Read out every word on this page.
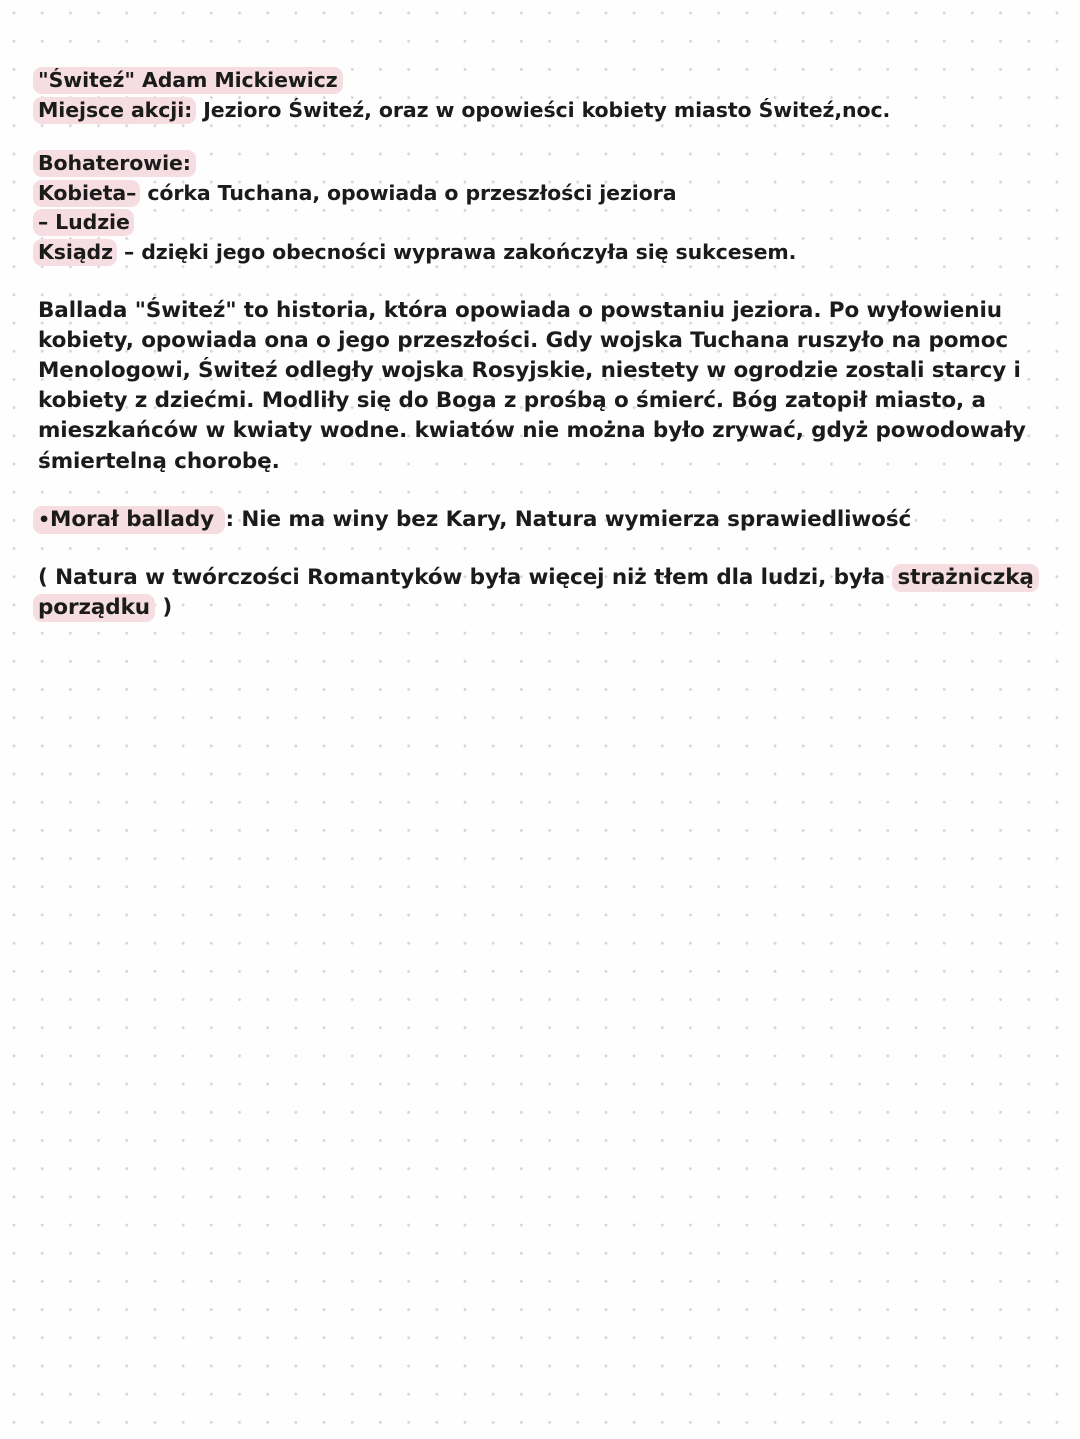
"Świteź" Adam Mickiewicz
Miejsce akcji: Jezioro Świteź, oraz w opowieści kobiety miasto Świteź,noc.
Bohaterowie:
Kobieta– córka Tuchana, opowiada o przeszłości jeziora
– Ludzie
Ksiądz – dzięki jego obecności wyprawa zakończyła się sukcesem.
Ballada "Świteź" to historia, która opowiada o powstaniu jeziora. Po wyłowieniu
kobiety, opowiada ona o jego przeszłości. Gdy wojska Tuchana ruszyło na pomoc
Menologowi, Świteź odległy wojska Rosyjskie, niestety w ogrodzie zostali starcy i
kobiety z dziećmi. Modliły się do Boga z prośbą o śmierć. Bóg zatopił miasto, a
mieszkańców w kwiaty wodne. kwiatów nie można było zrywać, gdyż powodowały
śmiertelną chorobę.
•Morał ballady : Nie ma winy bez Kary, Natura wymierza sprawiedliwość
( Natura w twórczości Romantyków była więcej niż tłem dla ludzi, była strażniczką
porządku )
